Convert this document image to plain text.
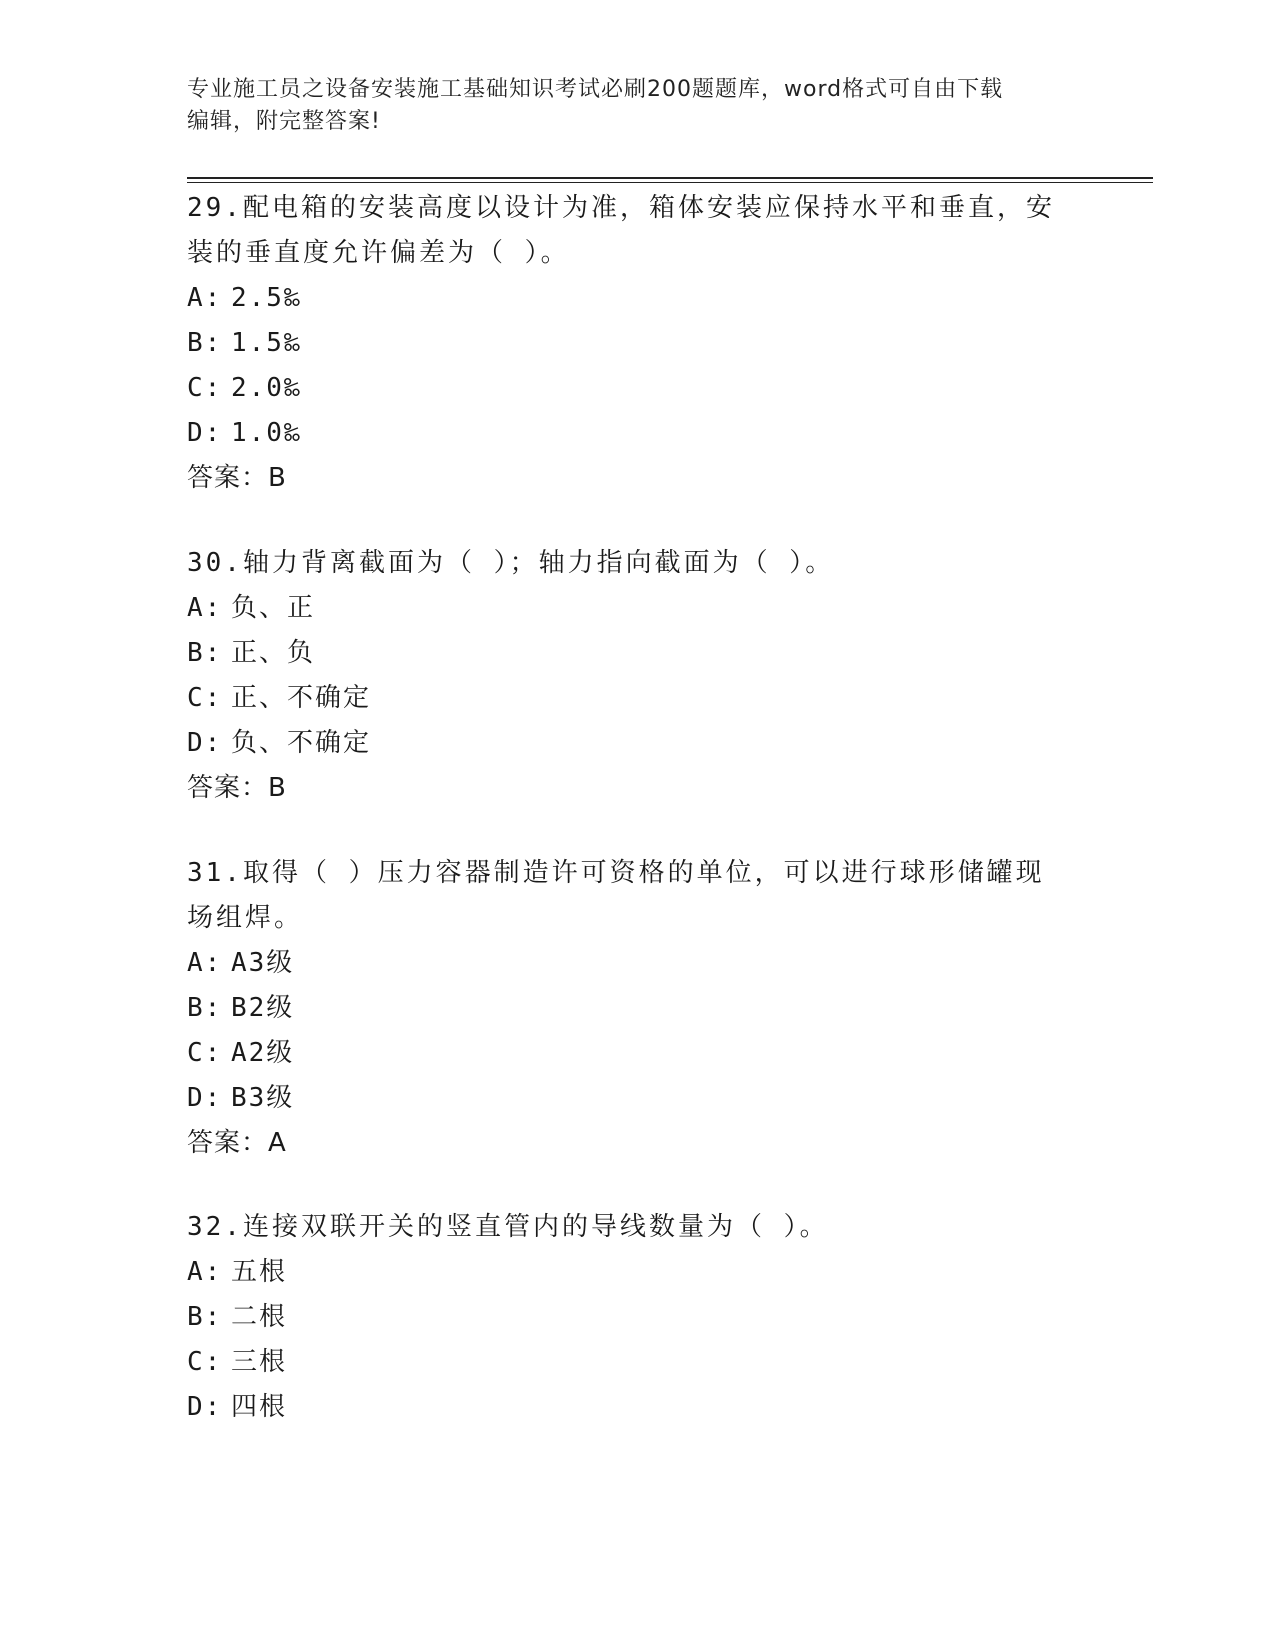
专业施工员之设备安装施工基础知识考试必刷200题题库，word格式可自由下载
编辑，附完整答案!
29.配电箱的安装高度以设计为准，箱体安装应保持水平和垂直，安装的垂直度允许偏差为（ ）。
A: 2.5‰
B: 1.5‰
C: 2.0‰
D: 1.0‰
答案：B
30.轴力背离截面为（ ）；轴力指向截面为（ ）。
A: 负、正
B: 正、负
C: 正、不确定
D: 负、不确定
答案：B
31.取得（ ）压力容器制造许可资格的单位，可以进行球形储罐现场组焊。
A: A3级
B: B2级
C: A2级
D: B3级
答案：A
32.连接双联开关的竖直管内的导线数量为（ ）。
A: 五根
B: 二根
C: 三根
D: 四根
